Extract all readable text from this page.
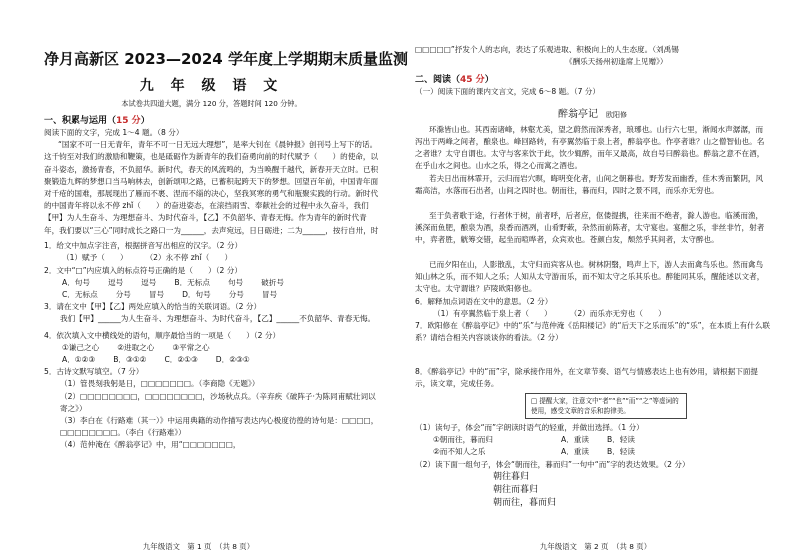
净月高新区 2023—2024 学年度上学期期末质量监测
九 年 级 语 文
本试卷共四道大题，满分 120 分，答题时间 120 分钟。
一、积累与运用（15 分）

阅读下面的文字，完成 1～4 题。（8 分）

“国家不可一日无青年，青年不可一日无远大理想”，是率大钊在《晨钟报》创刊号上写下的话。这千钧至对我们的激励和鞭策，也是砥砺作为新青年的我们奋勇向前的时代赋予（　　）的使命，以奋斗姿态，激扬青春，不负韶华。新时代，春天的风流鸣的，为当唤醒千越代，新春开天立时。已积聚锻造九辉的梦想口当马响林去，创新颂叩之路，已蓄积起跨天下的梦想。回望百年前，中国青年面对千疮的国难，那展现出了雁而不裹、涅而不缁的决心，坚我冥寒的勇气和瓶聚实践的行动。新时代的中国青年将以永不停 zhǐ（　　）的奋进姿态，在滚挡雨雪、奉献社会的过程中永久奋斗，我们【甲】为人生奋斗、为理想奋斗、为时代奋斗，【乙】不负韶华、青春无悔。作为青年的新时代青年，我们要以“三心”同时成长之路口一为______，去声宛远，日日砺进；二为______，按行自卅，时

1．给文中加点字注音，根据拼音写出相应的汉字。（2 分）

（1）赋予（　　） （2）永不停 zhǐ（　　）

2．文中“□”内应填入的标点符号正确的是（　　）（2 分）

A．句号 逗号 逗号 B．无标点 句号 破折号
C．无标点 分号 冒号 D．句号 分号 冒号

3．请在文中【甲】【乙】两处应填入的恰当的关联词语。（2 分）

我们【甲】______为人生奋斗、为理想奋斗、为时代奋斗，【乙】______不负韶华、青春无悔。

4．依次填入文中横线处的语句，顺序最恰当的一项是（　　）（2 分）

①谦己之心 ②进取之心 ③平常之心
A．①②③ B．③①② C．②①③ D．②③①

5．古诗文默写填空。（7 分）

（1）管畏刻我躬是日，□□□□□□□。（李商隐《无题》）

（2）□□□□□□□□，□□□□□□□□，沙场秋点兵。（辛弃疾《破阵子·为陈同甫赋壮词以寄之》）

（3）李白在《行路难（其一）》中运用典籍的动作描写表达内心极度彷徨的诗句是：□□□□，□□□□□□□□。（李白《行路难》）

（4）范仲淹在《醉翁亭记》中，用“□□□□□□□，

九年级语文　第 1 页　（共 8 页）

□□□□□”抒发个人的志向，表达了乐观进取、积极向上的人生态度。（刘禹锡

《酬乐天扬州初逢席上见赠》）

二、阅读（45 分）

（一）阅读下面的课内文言文，完成 6～8 题。（7 分）

醉翁亭记 欧阳修

环滁皆山也。其西南诸峰，林壑尤美，望之蔚然而深秀者，琅琊也。山行六七里，渐闻水声潺潺，而泻出于两峰之间者，酿泉也。峰回路转，有亭翼然临于泉上者，醉翁亭也。作亭者谁？山之僧智仙也。名之者谁？太守自谓也。太守与客来饮于此，饮少辄醉，而年又最高，故自号曰醉翁也。醉翁之意不在酒，在乎山水之间也。山水之乐，得之心而寓之酒也。

若夫日出而林霏开，云归而岩穴暝，晦明变化者，山间之朝暮也。野芳发而幽香，佳木秀而繁阴，风霜高洁，水落而石出者，山间之四时也。朝而往，暮而归，四时之景不同，而乐亦无穷也。

至于负者歌于途，行者休于树，前者呼，后者应，伛偻提携，往来而不绝者，滁人游也。临溪而渔，溪深而鱼肥，酿泉为酒，泉香而酒冽，山肴野蔌，杂然而前陈者，太守宴也。宴酣之乐，非丝非竹，射者中，弈者胜，觥筹交错，起坐而喧哗者，众宾欢也。苍颜白发，颓然乎其间者，太守醉也。

已而夕阳在山，人影散乱，太守归而宾客从也。树林阴翳，鸣声上下，游人去而禽鸟乐也。然而禽鸟知山林之乐，而不知人之乐；人知从太守游而乐，而不知太守之乐其乐也。醉能同其乐，醒能述以文者，太守也。太守谓谁？庐陵欧阳修也。

6．解释加点词语在文中的意思。（2 分）

（1）有亭翼然临于泉上者（　　） （2）而乐亦无穷也（　　）

7．欧阳修在《醉翁亭记》中的“乐”与范仲淹《岳阳楼记》的“后天下之乐而乐”的“乐”，在本质上有什么联系？请结合相关内容谈谈你的看法。（2 分）

8．《醉翁亭记》中的“而”字，除承接作用外，在文章节奏、语气与情感表达上也有妙用，请根据下面提示，读文章，完成任务。

□ 提醒大家，注意文中“者”“也”“而”“之”等虚词的使用，感受文章的音乐和韵律美。

（1）读句子，体会“而”字朗读时语气的轻重，并做出选择。（1 分）

①朝而往，暮而归	A．重读 B．轻读
②而不知人之乐	A．重读 B．轻读

（2）读下面一组句子，体会“朝而往，暮而归”一句中“而”字的表达效果。（2 分）

朝往暮归

朝往而暮归

朝而往，暮而归

九年级语文　第 2 页　（共 8 页）
